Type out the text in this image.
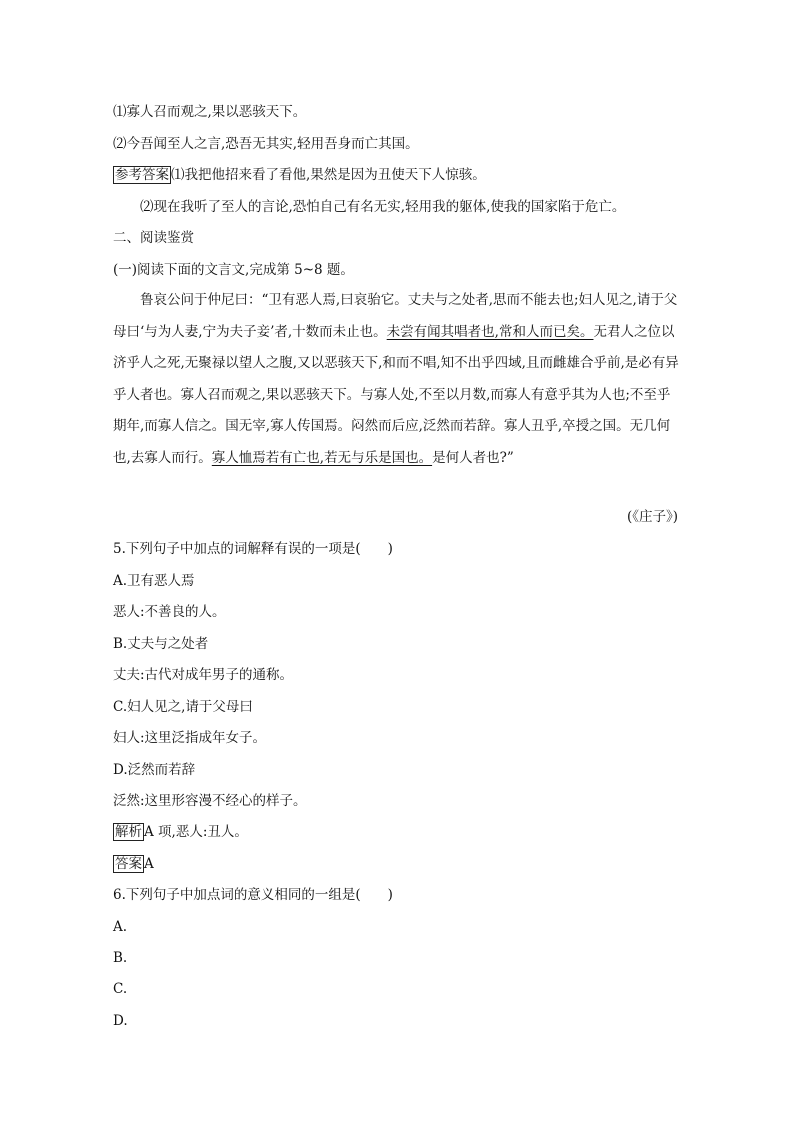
⑴寡人召而观之,果以恶骇天下。
⑵今吾闻至人之言,恐吾无其实,轻用吾身而亡其国。
参考答案 ⑴我把他招来看了看他,果然是因为丑使天下人惊骇。
⑵现在我听了至人的言论,恐怕自己有名无实,轻用我的躯体,使我的国家陷于危亡。
二、阅读鉴赏
(一)阅读下面的文言文,完成第 5~8 题。
鲁哀公问于仲尼曰：“卫有恶人焉,曰哀骀它。丈夫与之处者,思而不能去也;妇人见之,请于父母曰‘与为人妻,宁为夫子妾’者,十数而未止也。未尝有闻其唱者也,常和人而已矣。无君人之位以济乎人之死,无聚禄以望人之腹,又以恶骇天下,和而不唱,知不出乎四域,且而雌雄合乎前,是必有异乎人者也。寡人召而观之,果以恶骇天下。与寡人处,不至以月数,而寡人有意乎其为人也;不至乎期年,而寡人信之。国无宰,寡人传国焉。闷然而后应,泛然而若辞。寡人丑乎,卒授之国。无几何也,去寡人而行。寡人恤焉若有亡也,若无与乐是国也。是何人者也?”
(《庄子》)
5.下列句子中加点的词解释有误的一项是(　　)
A.卫有恶人焉
恶人:不善良的人。
B.丈夫与之处者
丈夫:古代对成年男子的通称。
C.妇人见之,请于父母曰
妇人:这里泛指成年女子。
D.泛然而若辞
泛然:这里形容漫不经心的样子。
解析 A 项,恶人:丑人。
答案 A
6.下列句子中加点词的意义相同的一组是(　　)
A.
B.
C.
D.
